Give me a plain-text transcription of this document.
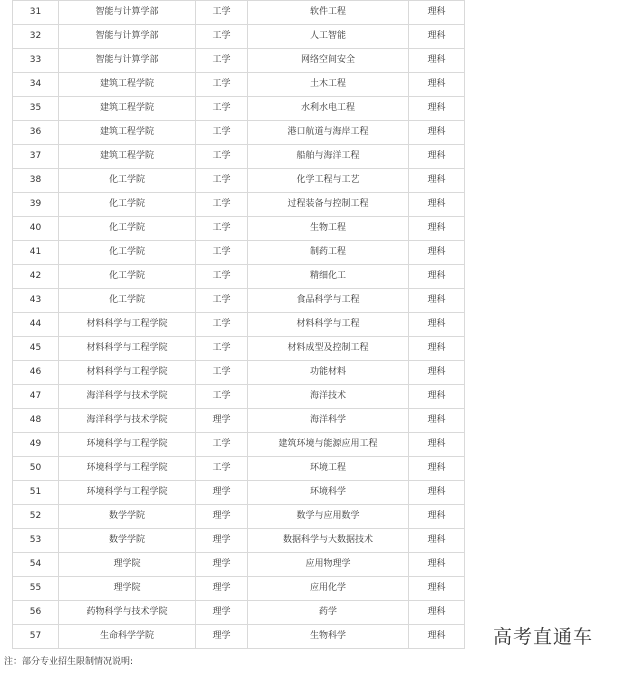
31	智能与计算学部	工学	软件工程	理科
32	智能与计算学部	工学	人工智能	理科
33	智能与计算学部	工学	网络空间安全	理科
34	建筑工程学院	工学	土木工程	理科
35	建筑工程学院	工学	水利水电工程	理科
36	建筑工程学院	工学	港口航道与海岸工程	理科
37	建筑工程学院	工学	船舶与海洋工程	理科
38	化工学院	工学	化学工程与工艺	理科
39	化工学院	工学	过程装备与控制工程	理科
40	化工学院	工学	生物工程	理科
41	化工学院	工学	制药工程	理科
42	化工学院	工学	精细化工	理科
43	化工学院	工学	食品科学与工程	理科
44	材料科学与工程学院	工学	材料科学与工程	理科
45	材料科学与工程学院	工学	材料成型及控制工程	理科
46	材料科学与工程学院	工学	功能材料	理科
47	海洋科学与技术学院	工学	海洋技术	理科
48	海洋科学与技术学院	理学	海洋科学	理科
49	环境科学与工程学院	工学	建筑环境与能源应用工程	理科
50	环境科学与工程学院	工学	环境工程	理科
51	环境科学与工程学院	理学	环境科学	理科
52	数学学院	理学	数学与应用数学	理科
53	数学学院	理学	数据科学与大数据技术	理科
54	理学院	理学	应用物理学	理科
55	理学院	理学	应用化学	理科
56	药物科学与技术学院	理学	药学	理科
57	生命科学学院	理学	生物科学	理科
注：部分专业招生限制情况说明:
高考直通车
